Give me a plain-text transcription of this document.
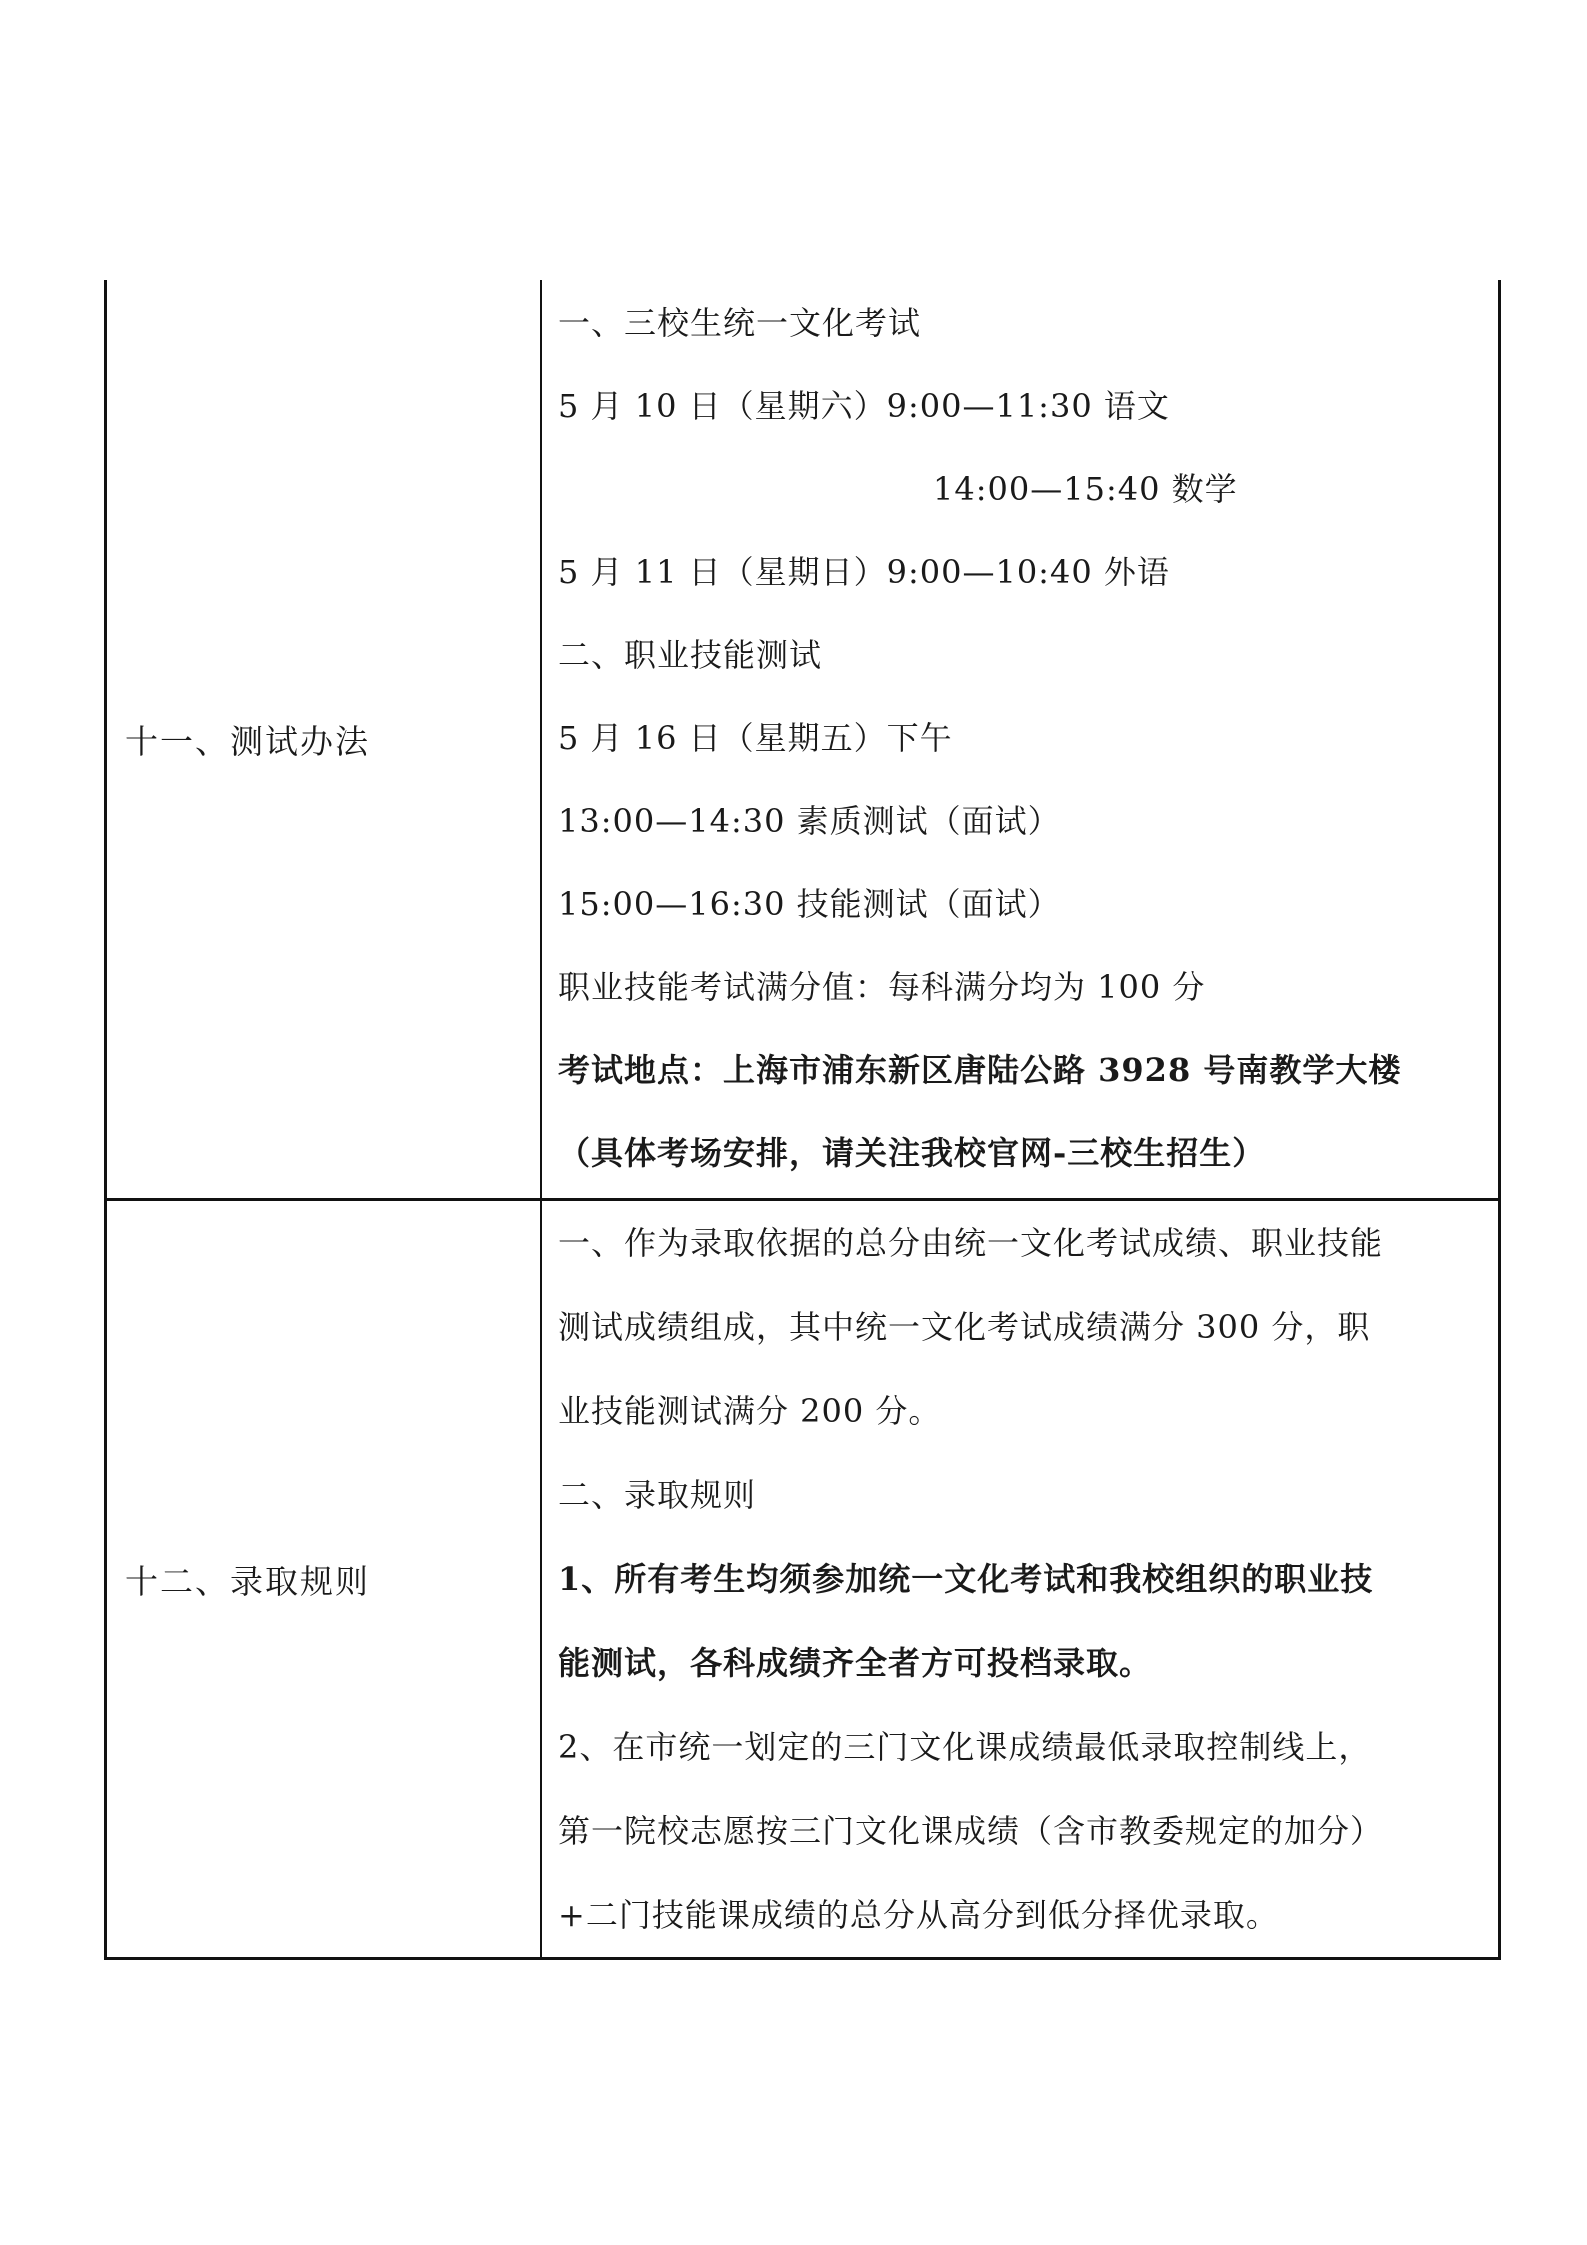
十一、测试办法
一、三校生统一文化考试
5 月 10 日（星期六）9:00—11:30 语文
14:00—15:40 数学
5 月 11 日（星期日）9:00—10:40 外语
二、职业技能测试
5 月 16 日（星期五）下午
13:00—14:30 素质测试（面试）
15:00—16:30 技能测试（面试）
职业技能考试满分值：每科满分均为 100 分
考试地点：上海市浦东新区唐陆公路 3928 号南教学大楼
（具体考场安排，请关注我校官网-三校生招生）
十二、录取规则
一、作为录取依据的总分由统一文化考试成绩、职业技能
测试成绩组成，其中统一文化考试成绩满分 300 分，职
业技能测试满分 200 分。
二、录取规则
1、所有考生均须参加统一文化考试和我校组织的职业技
能测试，各科成绩齐全者方可投档录取。
2、在市统一划定的三门文化课成绩最低录取控制线上，
第一院校志愿按三门文化课成绩（含市教委规定的加分）
+二门技能课成绩的总分从高分到低分择优录取。
